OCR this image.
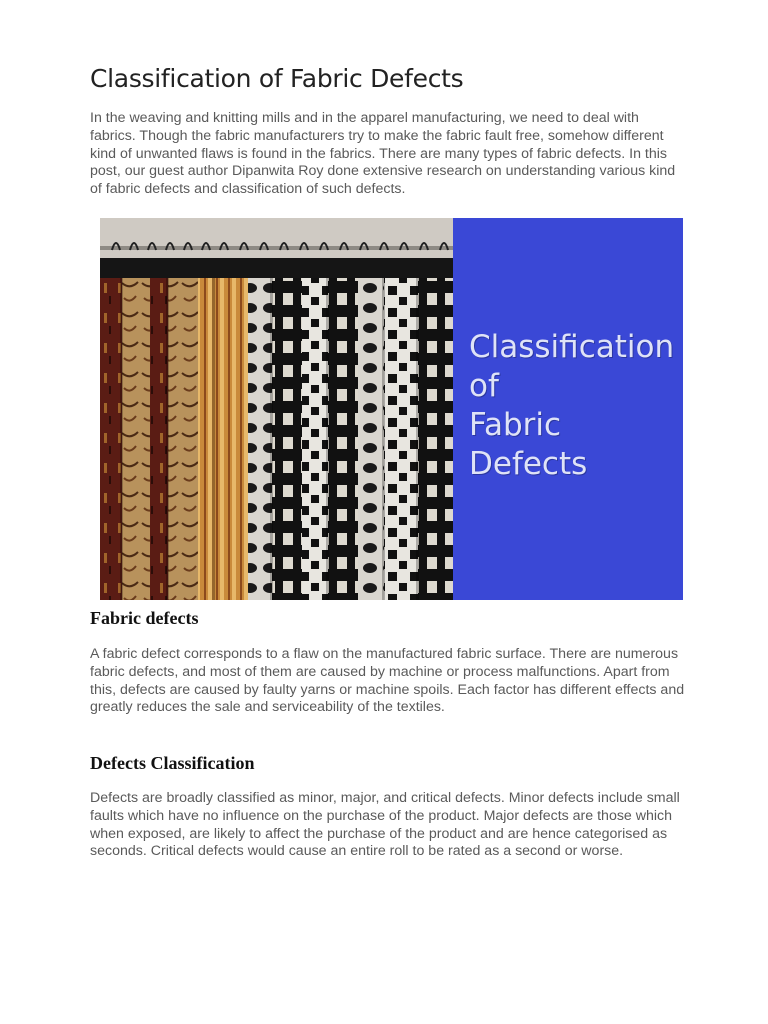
Classification of Fabric Defects

In the weaving and knitting mills and in the apparel manufacturing, we need to deal with fabrics. Though the fabric manufacturers try to make the fabric fault free, somehow different kind of unwanted flaws is found in the fabrics. There are many types of fabric defects. In this post, our guest author Dipanwita Roy done extensive research on understanding various kind of fabric defects and classification of such defects.

Fabric defects

A fabric defect corresponds to a flaw on the manufactured fabric surface. There are numerous fabric defects, and most of them are caused by machine or process malfunctions. Apart from this, defects are caused by faulty yarns or machine spoils. Each factor has different effects and greatly reduces the sale and serviceability of the textiles.

Defects Classification

Defects are broadly classified as minor, major, and critical defects. Minor defects include small faults which have no influence on the purchase of the product. Major defects are those which when exposed, are likely to affect the purchase of the product and are hence categorised as seconds. Critical defects would cause an entire roll to be rated as a second or worse.

Classification
of
Fabric
Defects
